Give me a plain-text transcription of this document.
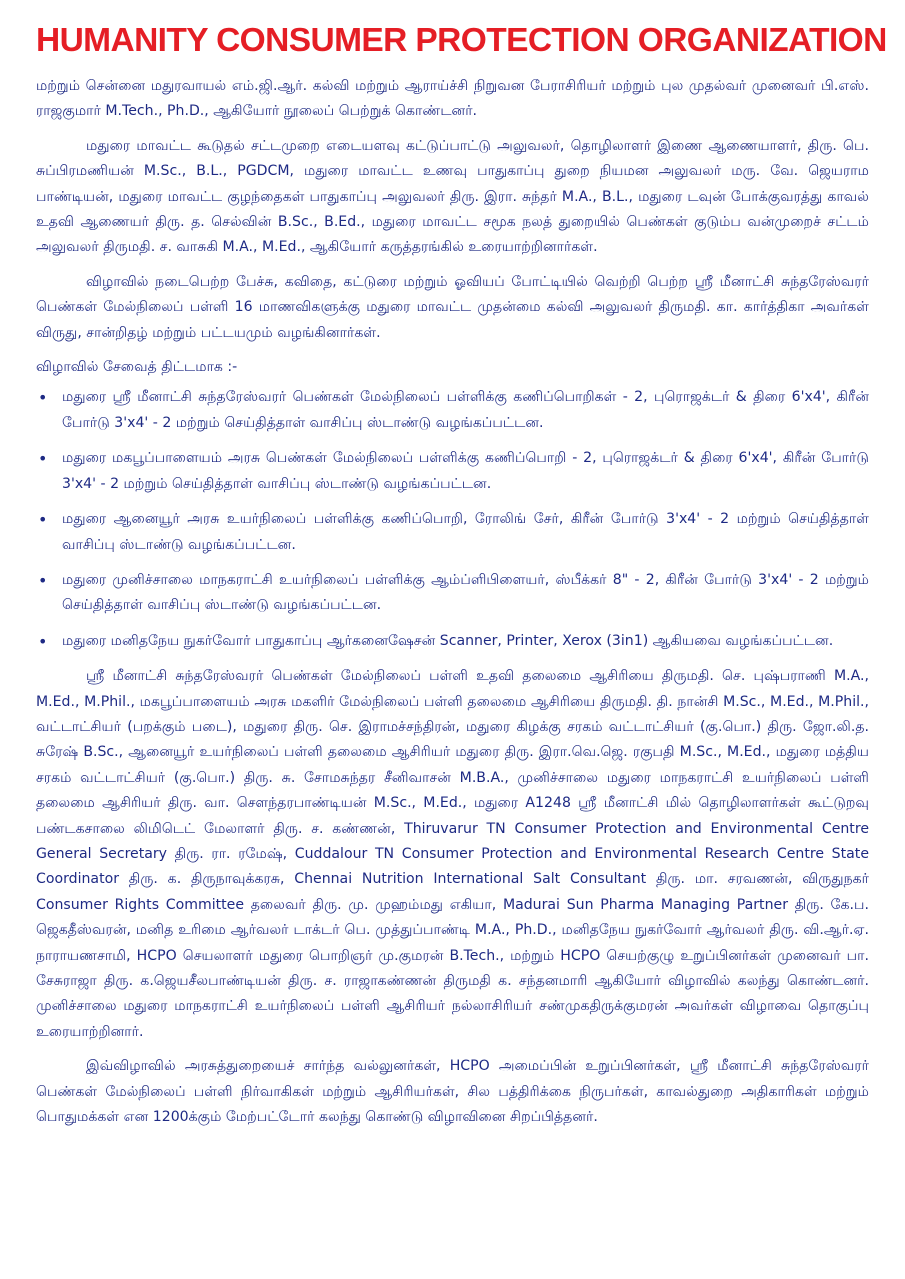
HUMANITY CONSUMER PROTECTION ORGANIZATION

மற்றும் சென்னை மதுரவாயல் எம்.ஜி.ஆர். கல்வி மற்றும் ஆராய்ச்சி நிறுவன பேராசிரியர் மற்றும் புல முதல்வர் முனைவர் பி.எஸ். ராஜகுமார் M.Tech., Ph.D., ஆகியோர் நூலைப் பெற்றுக் கொண்டனர்.

மதுரை மாவட்ட கூடுதல் சட்டமுறை எடையளவு கட்டுப்பாட்டு அலுவலர், தொழிலாளர் இணை ஆணையாளர், திரு. பெ. சுப்பிரமணியன் M.Sc., B.L., PGDCM, மதுரை மாவட்ட உணவு பாதுகாப்பு துறை நியமன அலுவலர் மரு. வே. ஜெயராம பாண்டியன், மதுரை மாவட்ட குழந்தைகள் பாதுகாப்பு அலுவலர் திரு. இரா. சுந்தர் M.A., B.L., மதுரை டவுன் போக்குவரத்து காவல் உதவி ஆணையர் திரு. த. செல்வின் B.Sc., B.Ed., மதுரை மாவட்ட சமூக நலத் துறையில் பெண்கள் குடும்ப வன்முறைச் சட்டம் அலுவலர் திருமதி. ச. வாசுகி M.A., M.Ed., ஆகியோர் கருத்தரங்கில் உரையாற்றினார்கள்.

விழாவில் நடைபெற்ற பேச்சு, கவிதை, கட்டுரை மற்றும் ஓவியப் போட்டியில் வெற்றி பெற்ற ஸ்ரீ மீனாட்சி சுந்தரேஸ்வரர் பெண்கள் மேல்நிலைப் பள்ளி 16 மாணவிகளுக்கு மதுரை மாவட்ட முதன்மை கல்வி அலுவலர் திருமதி. கா. கார்த்திகா அவர்கள் விருது, சான்றிதழ் மற்றும் பட்டயமும் வழங்கினார்கள்.

விழாவில் சேவைத் திட்டமாக :-

• மதுரை ஸ்ரீ மீனாட்சி சுந்தரேஸ்வரர் பெண்கள் மேல்நிலைப் பள்ளிக்கு கணிப்பொறிகள் - 2, புரொஜக்டர் & திரை 6'x4', கிரீன் போர்டு 3'x4' - 2 மற்றும் செய்தித்தாள் வாசிப்பு ஸ்டாண்டு வழங்கப்பட்டன.
• மதுரை மகபூப்பாளையம் அரசு பெண்கள் மேல்நிலைப் பள்ளிக்கு கணிப்பொறி - 2, புரொஜக்டர் & திரை 6'x4', கிரீன் போர்டு 3'x4' - 2 மற்றும் செய்தித்தாள் வாசிப்பு ஸ்டாண்டு வழங்கப்பட்டன.
• மதுரை ஆனையூர் அரசு உயர்நிலைப் பள்ளிக்கு கணிப்பொறி, ரோலிங் சேர், கிரீன் போர்டு 3'x4' - 2 மற்றும் செய்தித்தாள் வாசிப்பு ஸ்டாண்டு வழங்கப்பட்டன.
• மதுரை முனிச்சாலை மாநகராட்சி உயர்நிலைப் பள்ளிக்கு ஆம்ப்ளிபிளையர், ஸ்பீக்கர் 8" - 2, கிரீன் போர்டு 3'x4' - 2 மற்றும் செய்தித்தாள் வாசிப்பு ஸ்டாண்டு வழங்கப்பட்டன.
• மதுரை மனிதநேய நுகர்வோர் பாதுகாப்பு ஆர்கனைஷேசன் Scanner, Printer, Xerox (3in1) ஆகியவை வழங்கப்பட்டன.

ஸ்ரீ மீனாட்சி சுந்தரேஸ்வரர் பெண்கள் மேல்நிலைப் பள்ளி உதவி தலைமை ஆசிரியை திருமதி. செ. புஷ்பராணி M.A., M.Ed., M.Phil., மகபூப்பாளையம் அரசு மகளிர் மேல்நிலைப் பள்ளி தலைமை ஆசிரியை திருமதி. தி. நான்சி M.Sc., M.Ed., M.Phil., வட்டாட்சியர் (பறக்கும் படை), மதுரை திரு. செ. இராமச்சந்திரன், மதுரை கிழக்கு சரகம் வட்டாட்சியர் (கு.பொ.) திரு. ஜோ.லி.த. சுரேஷ் B.Sc., ஆனையூர் உயர்நிலைப் பள்ளி தலைமை ஆசிரியர் மதுரை திரு. இரா.வெ.ஜெ. ரகுபதி M.Sc., M.Ed., மதுரை மத்திய சரகம் வட்டாட்சியர் (கு.பொ.) திரு. சு. சோமசுந்தர சீனிவாசன் M.B.A., முனிச்சாலை மதுரை மாநகராட்சி உயர்நிலைப் பள்ளி தலைமை ஆசிரியர் திரு. வா. சௌந்தரபாண்டியன் M.Sc., M.Ed., மதுரை A1248 ஸ்ரீ மீனாட்சி மில் தொழிலாளர்கள் கூட்டுறவு பண்டகசாலை லிமிடெட் மேலாளர் திரு. ச. கண்ணன், Thiruvarur TN Consumer Protection and Environmental Centre General Secretary திரு. ரா. ரமேஷ், Cuddalour TN Consumer Protection and Environmental Research Centre State Coordinator திரு. க. திருநாவுக்கரசு, Chennai Nutrition International Salt Consultant திரு. மா. சரவணன், விருதுநகர் Consumer Rights Committee தலைவர் திரு. மு. முஹம்மது எகியா, Madurai Sun Pharma Managing Partner திரு. கே.ப. ஜெகதீஸ்வரன், மனித உரிமை ஆர்வலர் டாக்டர் பெ. முத்துப்பாண்டி M.A., Ph.D., மனிதநேய நுகர்வோர் ஆர்வலர் திரு. வி.ஆர்.ஏ. நாராயணசாமி, HCPO செயலாளர் மதுரை பொறிஞர் மு.குமரன் B.Tech., மற்றும் HCPO செயற்குழு உறுப்பினர்கள் முனைவர் பா. சேசுராஜா திரு. க.ஜெயசீலபாண்டியன் திரு. ச. ராஜாகண்ணன் திருமதி க. சந்தனமாரி ஆகியோர் விழாவில் கலந்து கொண்டனர். முனிச்சாலை மதுரை மாநகராட்சி உயர்நிலைப் பள்ளி ஆசிரியர் நல்லாசிரியர் சண்முகதிருக்குமரன் அவர்கள் விழாவை தொகுப்பு உரையாற்றினார்.

இவ்விழாவில் அரசுத்துறையைச் சார்ந்த வல்லுனர்கள், HCPO அமைப்பின் உறுப்பினர்கள், ஸ்ரீ மீனாட்சி சுந்தரேஸ்வரர் பெண்கள் மேல்நிலைப் பள்ளி நிர்வாகிகள் மற்றும் ஆசிரியர்கள், சில பத்திரிக்கை நிருபர்கள், காவல்துறை அதிகாரிகள் மற்றும் பொதுமக்கள் என 1200க்கும் மேற்பட்டோர் கலந்து கொண்டு விழாவினை சிறப்பித்தனர்.
